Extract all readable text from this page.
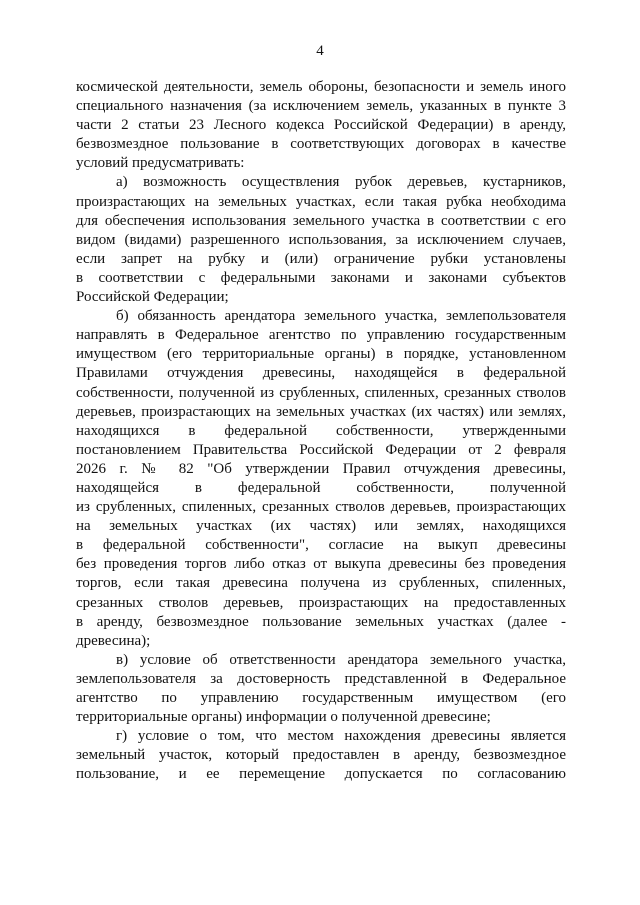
4
космической деятельности, земель обороны, безопасности и земель иного
специального назначения (за исключением земель, указанных в пункте 3
части 2 статьи 23 Лесного кодекса Российской Федерации) в аренду,
безвозмездное пользование в соответствующих договорах в качестве
условий предусматривать:
а) возможность осуществления рубок деревьев, кустарников,
произрастающих на земельных участках, если такая рубка необходима
для обеспечения использования земельного участка в соответствии с его
видом (видами) разрешенного использования, за исключением случаев,
если запрет на рубку и (или) ограничение рубки установлены
в соответствии с федеральными законами и законами субъектов
Российской Федерации;
б) обязанность арендатора земельного участка, землепользователя
направлять в Федеральное агентство по управлению государственным
имуществом (его территориальные органы) в порядке, установленном
Правилами отчуждения древесины, находящейся в федеральной
собственности, полученной из срубленных, спиленных, срезанных стволов
деревьев, произрастающих на земельных участках (их частях) или землях,
находящихся в федеральной собственности, утвержденными
постановлением Правительства Российской Федерации от 2 февраля
2026 г. № 82 "Об утверждении Правил отчуждения древесины,
находящейся в федеральной собственности, полученной
из срубленных, спиленных, срезанных стволов деревьев, произрастающих
на земельных участках (их частях) или землях, находящихся
в федеральной собственности", согласие на выкуп древесины
без проведения торгов либо отказ от выкупа древесины без проведения
торгов, если такая древесина получена из срубленных, спиленных,
срезанных стволов деревьев, произрастающих на предоставленных
в аренду, безвозмездное пользование земельных участках (далее -
древесина);
в) условие об ответственности арендатора земельного участка,
землепользователя за достоверность представленной в Федеральное
агентство по управлению государственным имуществом (его
территориальные органы) информации о полученной древесине;
г) условие о том, что местом нахождения древесины является
земельный участок, который предоставлен в аренду, безвозмездное
пользование, и ее перемещение допускается по согласованию
